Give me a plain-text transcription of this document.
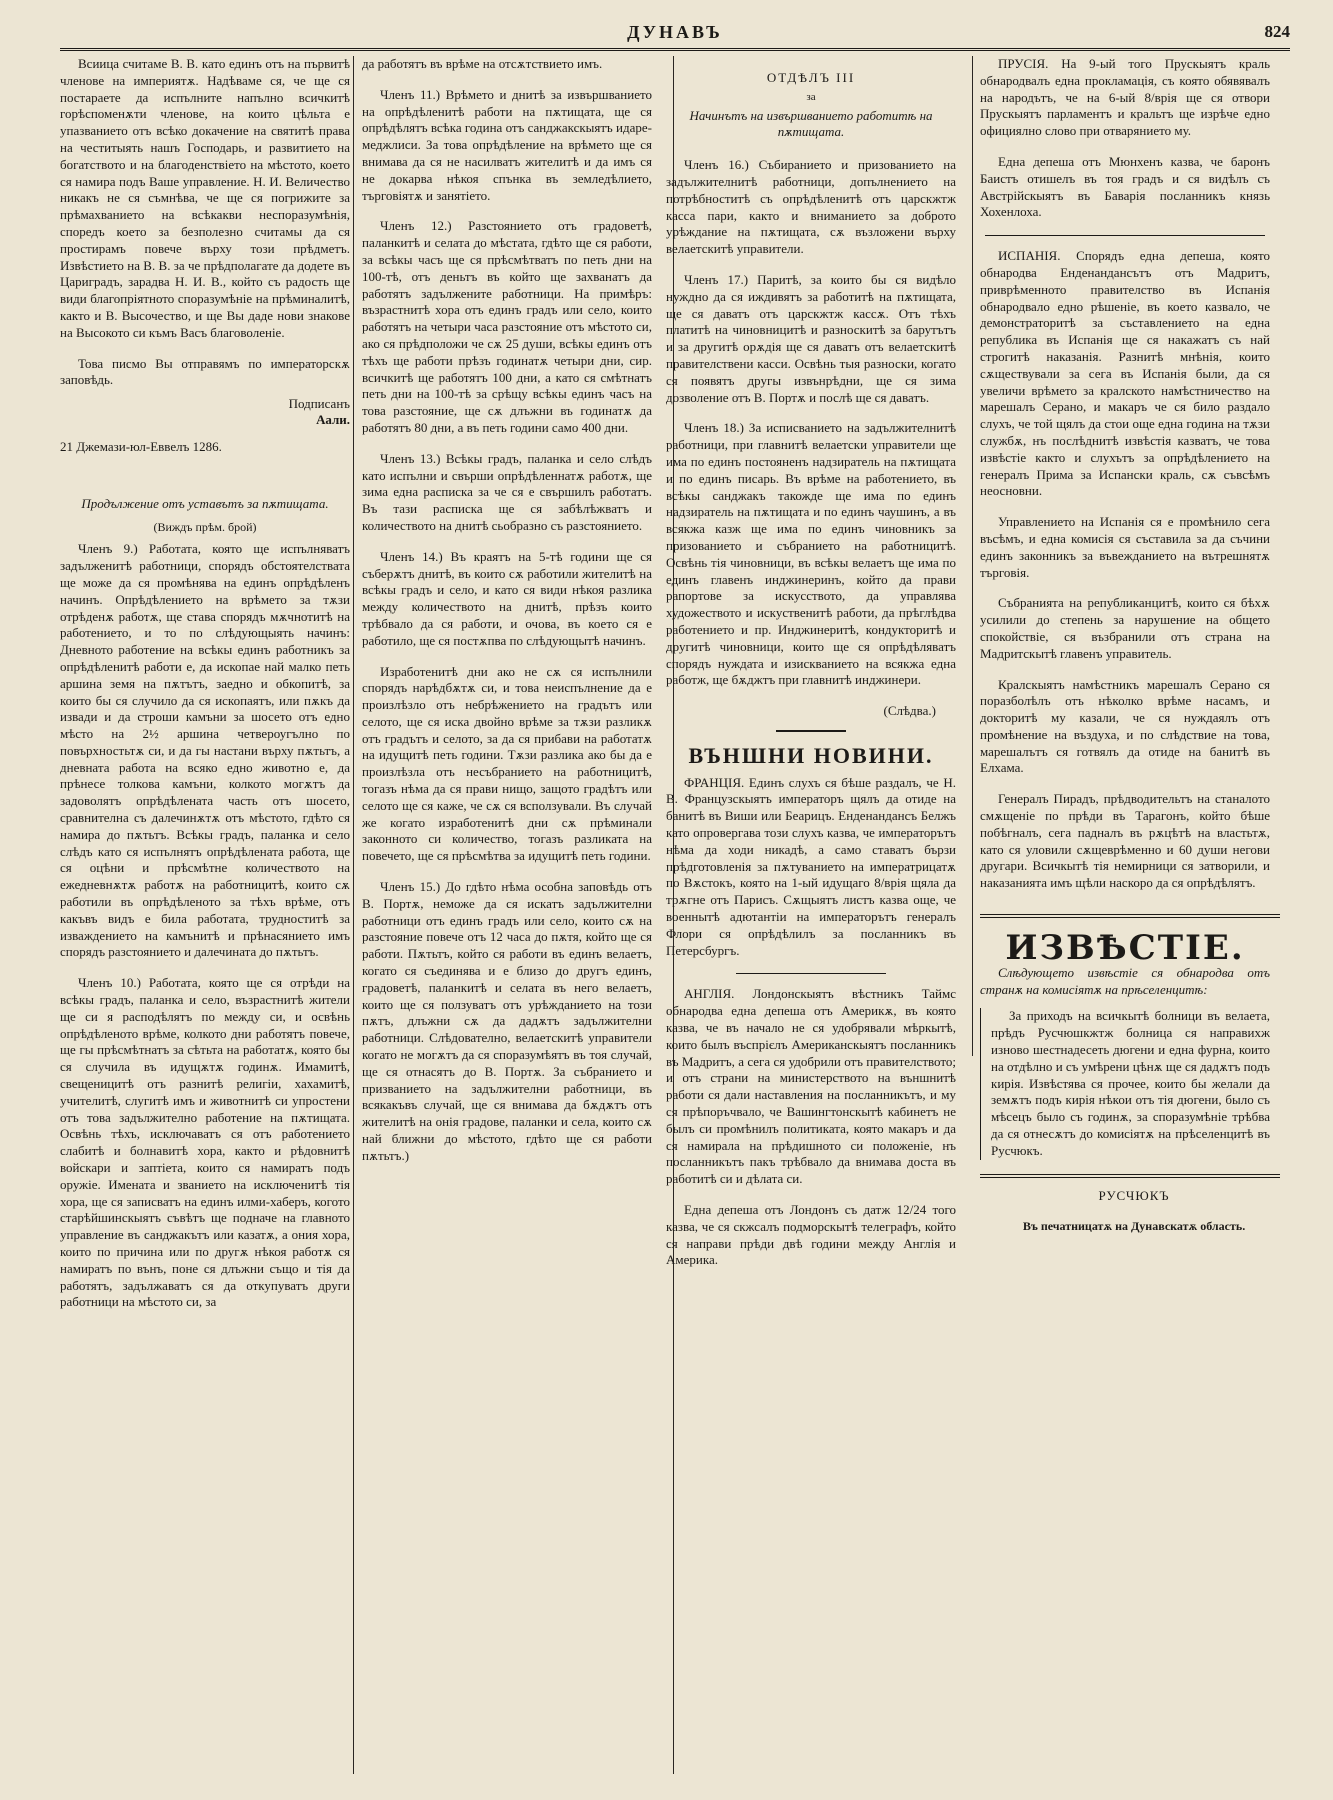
ДУНАВЪ	824

Всиица считаме В. В. като единъ отъ на първитѣ членове на империятѫ. Надѣваме ся, че ще ся постараете да испълните напълно всичкитѣ горѣспоменѫти членове, на които цѣльта е упазванието отъ всѣко докачение на святитѣ права на честитыять нашъ Господарь, и развитието на богатството и на благоденствіето на мѣстото, което ся намира подъ Ваше управление. Н. И. Величество никакъ не ся съмнѣва, че ще ся погрижите за прѣмахванието на всѣкакви неспоразумѣнія, споредъ което за безполезно считамы да ся простирамъ повече върху този прѣдметъ. Извѣстието на В. В. за че прѣдполагате да додете въ Цариградъ, зарадва Н. И. В., който съ радость ще види благопріятното споразумѣніе на прѣминалитѣ, както и В. Высочество, и ще Вы даде нови знакове на Высокото си къмъ Васъ благоволеніе.

Това писмо Вы отправямъ по императорскѫ заповѣдь.

Подписанъ
Аали.

21 Джемази-юл-Еввелъ 1286.

Продължение отъ уставътъ за пѫтищата.

(Виждъ прѣм. брой)

Членъ 9.) Работата, която ще испълняватъ задълженитѣ работници, спорядъ обстоятелствата ще може да ся промѣнява на единъ опрѣдѣленъ начинъ. Опрѣдѣлението на врѣмето за тѫзи отрѣденѫ работѫ, ще става спорядъ мѫчнотитѣ на работението, и то по слѣдующыять начинъ: Дневното работение на всѣкы единъ работникъ за опрѣдѣленитѣ работи е, да ископае най малко петь аршина земя на пѫтътъ, заедно и обкопитѣ, за които бы ся случило да ся ископаятъ, или пѫкъ да извади и да строши камъни за шосето отъ едно мѣсто на 2½ аршина четвероугълно по повърхностьтѫ си, и да гы настани върху пѫтьтъ, а дневната работа на всяко едно животно е, да прѣнесе толкова камъни, колкото могѫтъ да задоволятъ опрѣдѣлената часть отъ шосето, сравнителна съ далечинѫтѫ отъ мѣстото, гдѣто ся намира до пѫтьтъ. Всѣкы градъ, паланка и село слѣдъ като ся испълнятъ опрѣдѣлената работа, ще ся оцѣни и прѣсмѣтне количеството на ежедневнѫтѫ работѫ на работницитѣ, които сѫ работили въ опрѣдѣленото за тѣхъ врѣме, отъ какъвъ видъ е била работата, трудноститѣ за изваждението на камънитѣ и прѣнасянието имъ спорядъ разстоянието и далечината до пѫтьтъ.

Членъ 10.) Работата, която ще ся отрѣди на всѣкы градъ, паланка и село, възрастнитѣ жители ще си я расподѣлятъ по между си, и освѣнь опрѣдѣленото врѣме, колкото дни работятъ повече, ще гы прѣсмѣтнатъ за сѣтьта на работатѫ, която бы ся случила въ идущѫтѫ годинѫ. Имамитѣ, свещеницитѣ отъ разнитѣ религіи, хахамитѣ, учителитѣ, слугитѣ имъ и животнитѣ си упростени отъ това задължително работение на пѫтищата. Освѣнь тѣхъ, исключаватъ ся отъ работението слабитѣ и болнавитѣ хора, както и рѣдовнитѣ войскари и заптіета, които ся намиратъ подъ оружіе. Имената и званието на исключенитѣ тія хора, ще ся записватъ на единъ илми-хаберъ, когото старѣйшинскыятъ съвѣтъ ще подначе на главното управление въ санджакътъ или казатѫ, а ония хора, които по причина или по другѫ нѣкоя работѫ ся намиратъ по вънъ, поне ся длъжни също и тія да работятъ, задължаватъ ся да откупуватъ други работници на мѣстото си, за

да работятъ въ врѣме на отсѫтствието имъ.

Членъ 11.) Врѣмето и днитѣ за извършванието на опрѣдѣленитѣ работи на пѫтищата, ще ся опрѣдѣлятъ всѣка година отъ санджакскыятъ идаре-меджлиси. За това опрѣдѣление на врѣмето ще ся внимава да ся не насилватъ жителитѣ и да имъ ся не докарва нѣкоя спънка въ земледѣлието, търговіятѫ и занятіето.

Членъ 12.) Разстоянието отъ градоветѣ, паланкитѣ и селата до мѣстата, гдѣто ще ся работи, за всѣкы часъ ще ся прѣсмѣтватъ по петь дни на 100-тѣ, отъ деньтъ въ който ще захванатъ да работятъ задължените работници. На примѣръ: възрастнитѣ хора отъ единъ градъ или село, които работятъ на четыри часа разстояние отъ мѣстото си, ако ся прѣдположи че сѫ 25 души, всѣкы единъ отъ тѣхъ ще работи прѣзъ годинатѫ четыри дни, сир. всичкитѣ ще работятъ 100 дни, а като ся смѣтнатъ петь дни на 100-тѣ за срѣщу всѣкы единъ часъ на това разстояние, ще сѫ длъжни въ годинатѫ да работятъ 80 дни, а въ петь години само 400 дни.

Членъ 13.) Всѣкы градъ, паланка и село слѣдъ като испълни и свърши опрѣдѣленнатѫ работѫ, ще зима една расписка за че ся е свършилъ работатъ. Въ тази расписка ще ся забѣлѣжватъ и количеството на днитѣ сьобразно съ разстоянието.

Членъ 14.) Въ краятъ на 5-тѣ години ще ся съберѫтъ днитѣ, въ които сѫ работили жителитѣ на всѣкы градъ и село, и като ся види нѣкоя разлика между количеството на днитѣ, прѣзъ които трѣбвало да ся работи, и очова, въ което ся е работило, ще ся постѫпва по слѣдующытѣ начинъ.

Изработенитѣ дни ако не сѫ ся испълнили спорядъ нарѣдбѫтѫ си, и това неиспълнение да е произлѣзло отъ небрѣжението на градътъ или селото, ще ся иска двойно врѣме за тѫзи разликѫ отъ градътъ и селото, за да ся прибави на работатѫ на идущитѣ петь години. Тѫзи разлика ако бы да е произлѣзла отъ несъбранието на работницитѣ, тогазъ нѣма да ся прави нищо, защото градѣтъ или селото ще ся каже, че сѫ ся всползували. Въ случай же когато изработенитѣ дни сѫ прѣминали законното си количество, тогазъ разликата на повечето, ще ся прѣсмѣтва за идущитѣ петь години.

Членъ 15.) До гдѣто нѣма особна заповѣдь отъ В. Портѫ, неможе да ся искатъ задължителни работници отъ единъ градъ или село, които сѫ на разстояние повече отъ 12 часа до пѫтя, който ще ся работи. Пѫтьтъ, който ся работи въ единъ велаетъ, когато ся съединява и е близо до другъ единъ, градоветѣ, паланкитѣ и селата въ него велаетъ, които ще ся ползуватъ отъ урѣжданието на този пѫтъ, длъжни сѫ да дадѫтъ задължителни работници. Слѣдователно, велаетскитѣ управители когато не могѫтъ да ся споразумѣятъ въ тоя случай, ще ся отнасятъ до В. Портѫ. За събранието и призванието на задължителни работници, въ всякакъвъ случай, ще ся внимава да бѫдѫтъ отъ жителитѣ на онія градове, паланки и села, които сѫ най ближни до мѣстото, гдѣто ще ся работи пѫтьтъ.)

ОТДѢЛЪ III

за

Начинътъ на извършванието работитѣ на пѫтищата.

Членъ 16.) Събиранието и призованието на задължителнитѣ работници, допълнението на потрѣбноститѣ съ опрѣдѣленитѣ отъ царскжтж касса пари, както и вниманието за доброто урѣждание на пѫтищата, сѫ възложени върху велаетскитѣ управители.

Членъ 17.) Паритѣ, за които бы ся видѣло нуждно да ся иждивятъ за работитѣ на пѫтищата, ще ся даватъ отъ царскжтж кассѫ. Отъ тѣхъ платитѣ на чиновницитѣ и разноскитѣ за барутътъ и за другитѣ орѫдія ще ся даватъ отъ велаетскитѣ правителствени касси. Освѣнь тыя разноски, когато ся появятъ другы извънрѣдни, ще ся зима дозволение отъ В. Портѫ и послѣ ще ся даватъ.

Членъ 18.) За исписванието на задължителнитѣ работници, при главнитѣ велаетски управители ще има по единъ постояненъ надзиратель на пѫтищата и по единъ писарь. Въ врѣме на работението, въ всѣкы санджакъ такожде ще има по единъ надзиратель на пѫтищата и по единъ чаушинъ, а въ всякжа казж ще има по единъ чиновникъ за призованието и събранието на работницитѣ. Освѣнь тія чиновници, въ всѣкы велаетъ ще има по единъ главенъ инджинеринъ, който да прави рапортове за искусството, да управлява художеството и искуственитѣ работи, да прѣглѣдва работението и пр. Инджинеритѣ, кондукторитѣ и другитѣ чиновници, които ще ся опрѣдѣляватъ спорядъ нуждата и изискванието на всякжа една работж, ще бѫджтъ при главнитѣ инджинери.

(Слѣдва.)

ВЪНШНИ НОВИНИ.

ФРАНЦІЯ. Единъ слухъ ся бѣше раздалъ, че Н. В. Французскыятъ императоръ щялъ да отиде на банитѣ въ Виши или Беарицъ. Енденандансъ Белжъ като опровергава този слухъ казва, че императорътъ нѣма да ходи никадѣ, а само ставатъ бързи прѣдготовленія за пѫтуванието на императрицатѫ по Вѫстокъ, която на 1-ый идущаго 8/врія щяла да трѫгне отъ Парисъ. Сѫщыятъ листъ казва още, че военнытѣ адютантіи на императорътъ генералъ Флори ся опрѣдѣлилъ за посланникъ въ Петерсбургъ.

АНГЛІЯ. Лондонскыятъ вѣстникъ Таймс обнародва една депеша отъ Америкѫ, въ която казва, че въ начало не ся удобрявали мѣркытѣ, които былъ въспрієлъ Американскыятъ посланникъ въ Мадритъ, а сега ся удобрили отъ правителството; и отъ страни на министерството на външнитѣ работи ся дали наставления на посланникътъ, и му ся прѣпоръчвало, че Вашингтонскытѣ кабинетъ не былъ си промѣнилъ политиката, която макаръ и да ся намирала на прѣдишното си положеніе, нъ посланникътъ пакъ трѣбвало да внимава доста въ работитѣ си и дѣлата си.

Една депеша отъ Лондонъ съ датж 12/24 того казва, че ся скжсалъ подморскытѣ телеграфъ, който ся направи прѣди двѣ години между Англія и Америка.

ПРУСІЯ. На 9-ый того Прускыятъ краль обнародвалъ една прокламація, съ която обявявалъ на народътъ, че на 6-ый 8/врія ще ся отвори Прускыятъ парламентъ и кральтъ ще изрѣче едно официялно слово при отварянието му.

Една депеша отъ Мюнхенъ казва, че баронъ Баистъ отишелъ въ тоя градъ и ся видѣлъ съ Австрійскыятъ въ Баварія посланникъ князь Хохенлоха.

ИСПАНІЯ. Спорядъ една депеша, която обнародва Енденандансътъ отъ Мадритъ, приврѣменното правителство въ Испанія обнародвало едно рѣшеніе, въ което казвало, че демонстраторитѣ за съставлението на една република въ Испанія ще ся накажатъ съ най строгитѣ наказанія. Разнитѣ мнѣнія, които сѫществували за сега въ Испанія были, да ся увеличи врѣмето за кралското намѣстничество на марешалъ Серано, и макаръ че ся било раздало слухъ, че той щялъ да стои още една година на тѫзи службѫ, нъ послѣднитѣ извѣстія казватъ, че това извѣстіе както и слухътъ за опрѣдѣлението на генералъ Прима за Испански краль, сѫ съвсѣмъ неосновни.

Управлението на Испанія ся е промѣнило сега въсѣмъ, и една комисія ся съставила за да съчини единъ законникъ за въвежданието на вътрешнятѫ търговія.

Събранията на републиканцитѣ, които ся бѣхѫ усилили до степень за нарушение на общето спокойствіе, ся възбранили отъ страна на Мадритскытѣ главенъ управитель.

Кралскыятъ намѣстникъ марешалъ Серано ся поразболѣлъ отъ нѣколко врѣме насамъ, и докторитѣ му казали, че ся нуждаялъ отъ промѣнение на въздуха, и по слѣдствие на това, марешалътъ ся готвялъ да отиде на банитѣ въ Елхама.

Генералъ Пирадъ, прѣдводительтъ на станалото смѫщеніе по прѣди въ Тарагонъ, който бѣше побѣгналъ, сега падналъ въ рѫцѣтѣ на властьтѫ, като ся уловили сѫщеврѣменно и 60 души негови другари. Всичкытѣ тія немирници ся затворили, и наказанията имъ щѣли наскоро да ся опрѣдѣлятъ.

ИЗВѢСТІЕ.

Слѣдующето извѣстіе ся обнародва отъ странѫ на комисіятѫ на прѣселенцитѣ:

За приходъ на всичкытѣ болници въ велаета, прѣдъ Русчюшкжтж болница ся направихж изново шестнадесеть дюгени и една фурна, които на отдѣлно и съ умѣрени цѣнѫ ще ся дадѫтъ подъ кирія. Извѣстява ся прочее, които бы желали да земѫтъ подъ кирія нѣкои отъ тія дюгени, было съ мѣсецъ было съ годинѫ, за споразумѣніе трѣбва да ся отнесѫтъ до комисіятѫ на прѣселенцитѣ въ Русчюкъ.

РУСЧЮКЪ

Въ печатницатѫ на Дунавскатѫ область.
